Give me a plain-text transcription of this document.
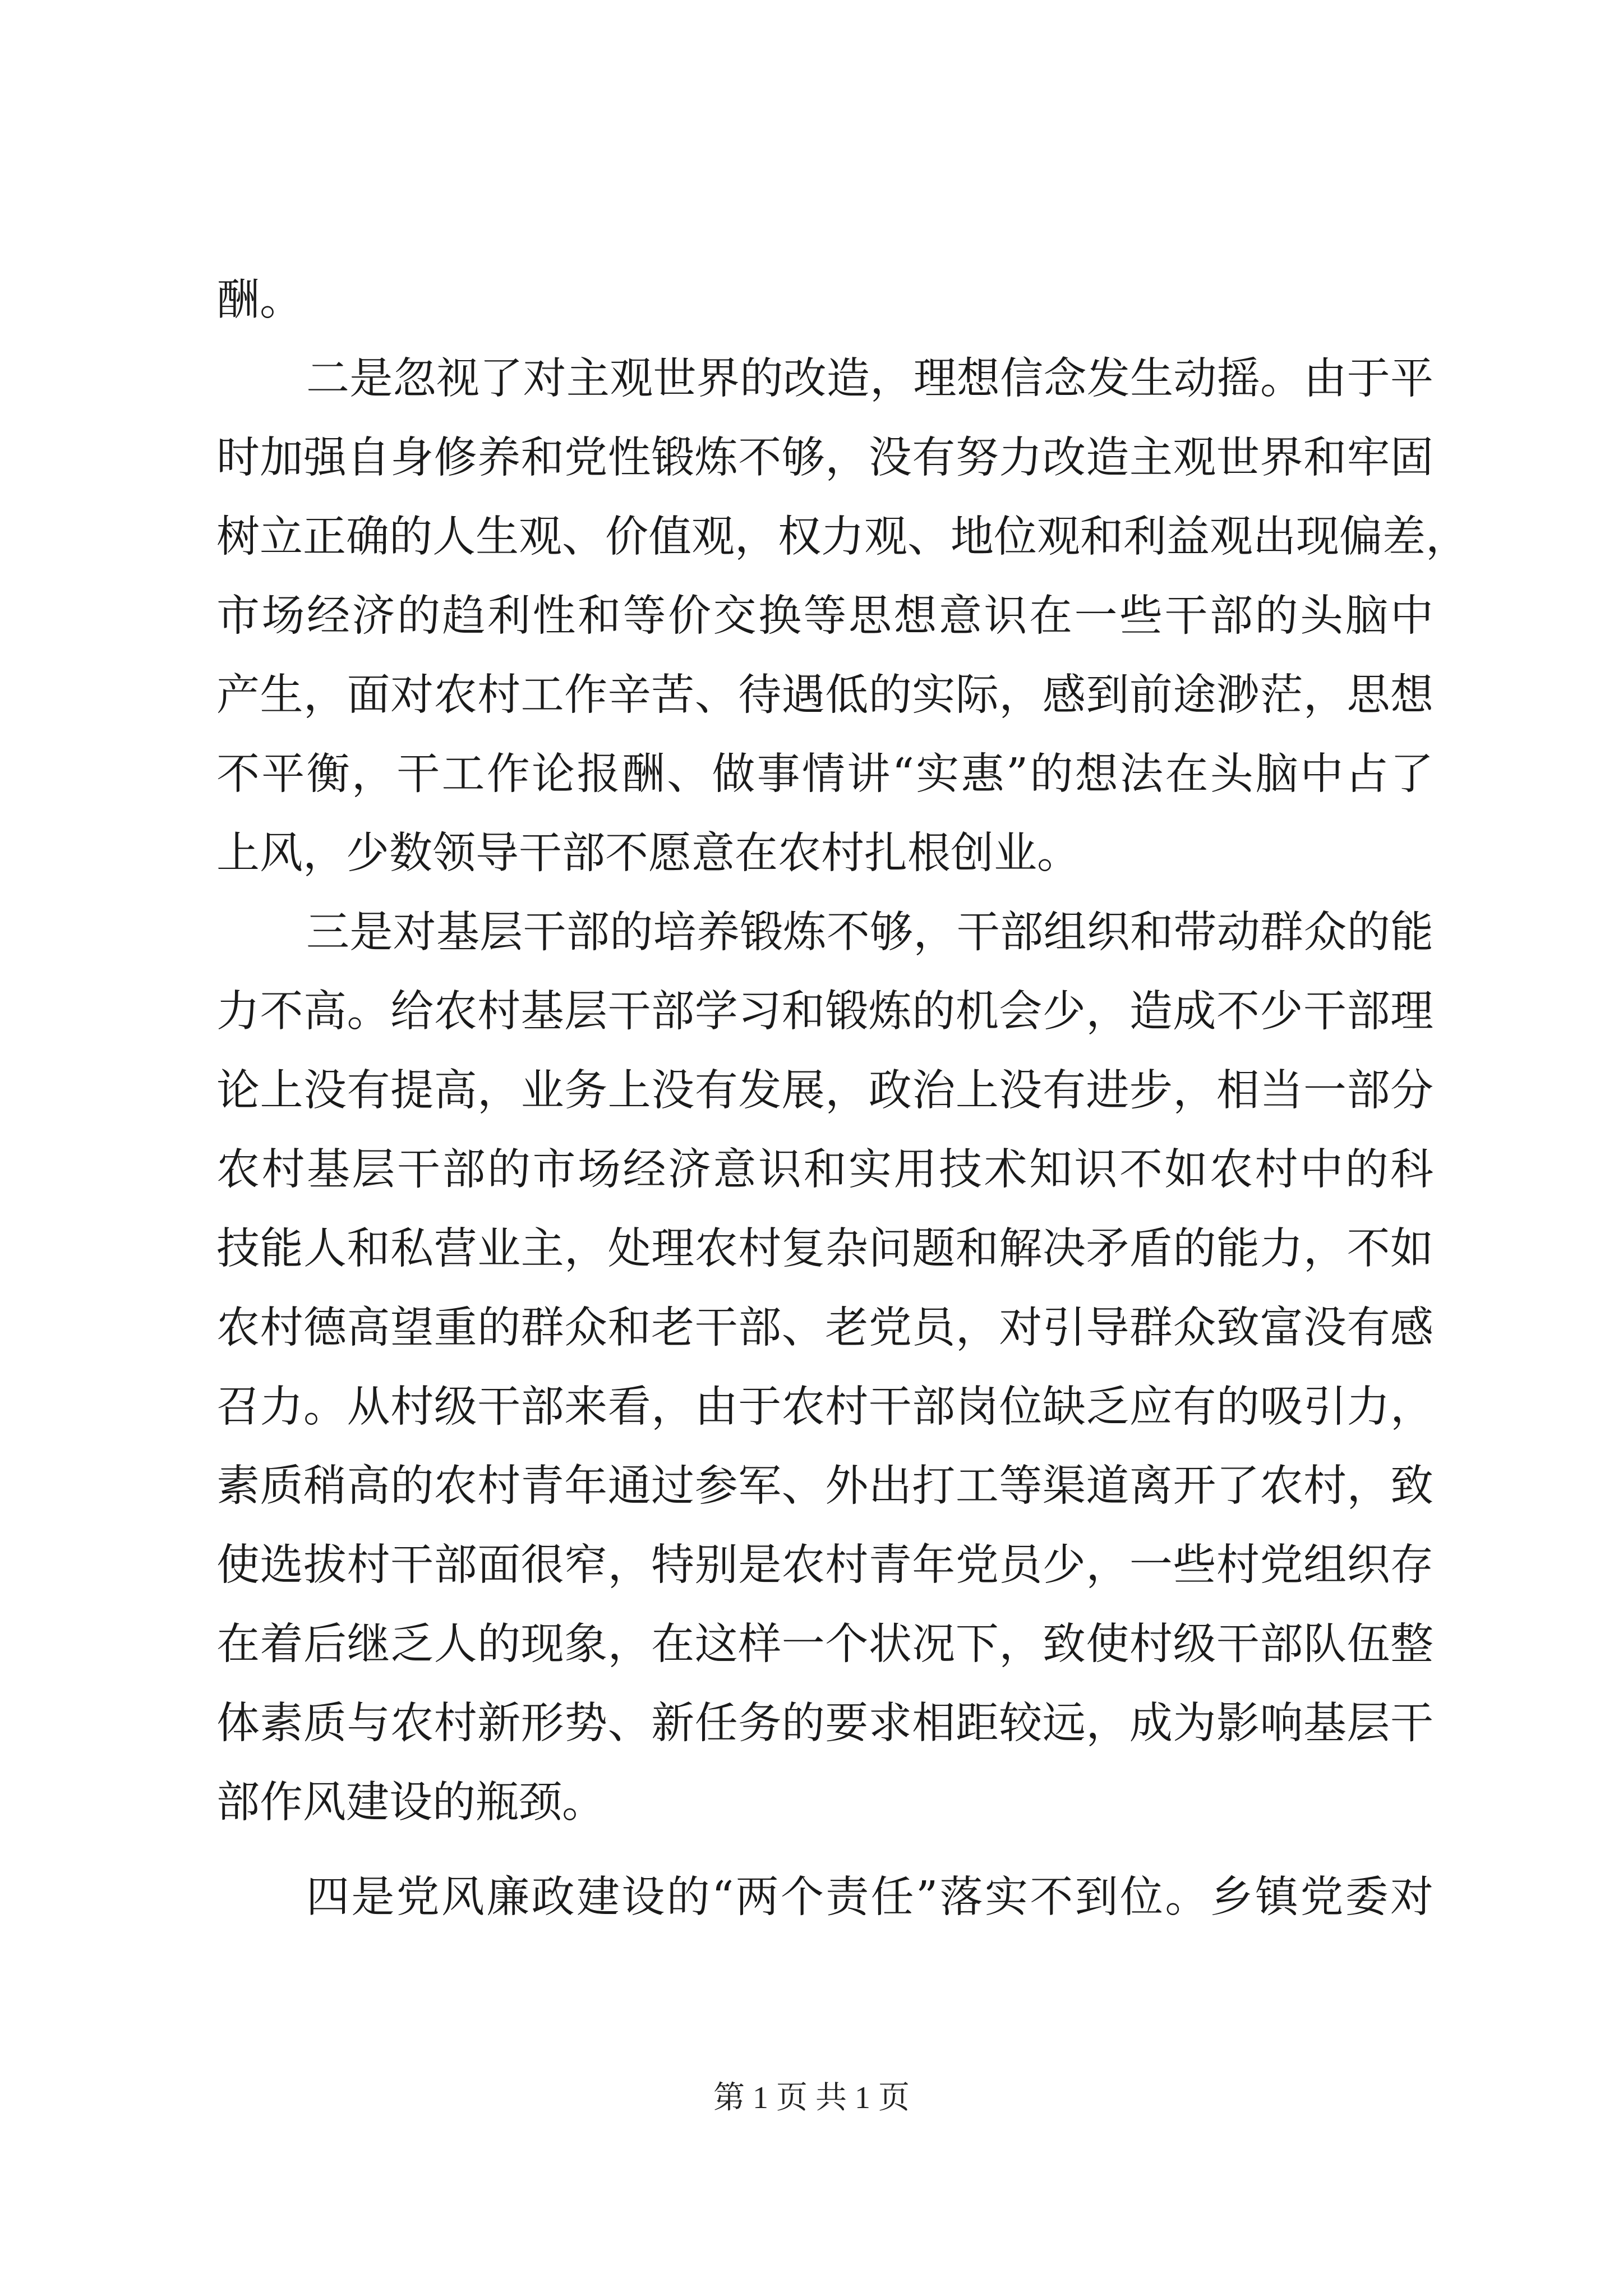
酬。
二是忽视了对主观世界的改造，理想信念发生动摇。由于平
时加强自身修养和党性锻炼不够，没有努力改造主观世界和牢固
树立正确的人生观、价值观，权力观、地位观和利益观出现偏差，
市场经济的趋利性和等价交换等思想意识在一些干部的头脑中
产生，面对农村工作辛苦、待遇低的实际，感到前途渺茫，思想
不平衡，干工作论报酬、做事情讲“实惠”的想法在头脑中占了
上风，少数领导干部不愿意在农村扎根创业。
三是对基层干部的培养锻炼不够，干部组织和带动群众的能
力不高。给农村基层干部学习和锻炼的机会少，造成不少干部理
论上没有提高，业务上没有发展，政治上没有进步，相当一部分
农村基层干部的市场经济意识和实用技术知识不如农村中的科
技能人和私营业主，处理农村复杂问题和解决矛盾的能力，不如
农村德高望重的群众和老干部、老党员，对引导群众致富没有感
召力。从村级干部来看，由于农村干部岗位缺乏应有的吸引力，
素质稍高的农村青年通过参军、外出打工等渠道离开了农村，致
使选拔村干部面很窄，特别是农村青年党员少，一些村党组织存
在着后继乏人的现象，在这样一个状况下，致使村级干部队伍整
体素质与农村新形势、新任务的要求相距较远，成为影响基层干
部作风建设的瓶颈。
四是党风廉政建设的“两个责任”落实不到位。乡镇党委对
第 1 页 共 1 页
